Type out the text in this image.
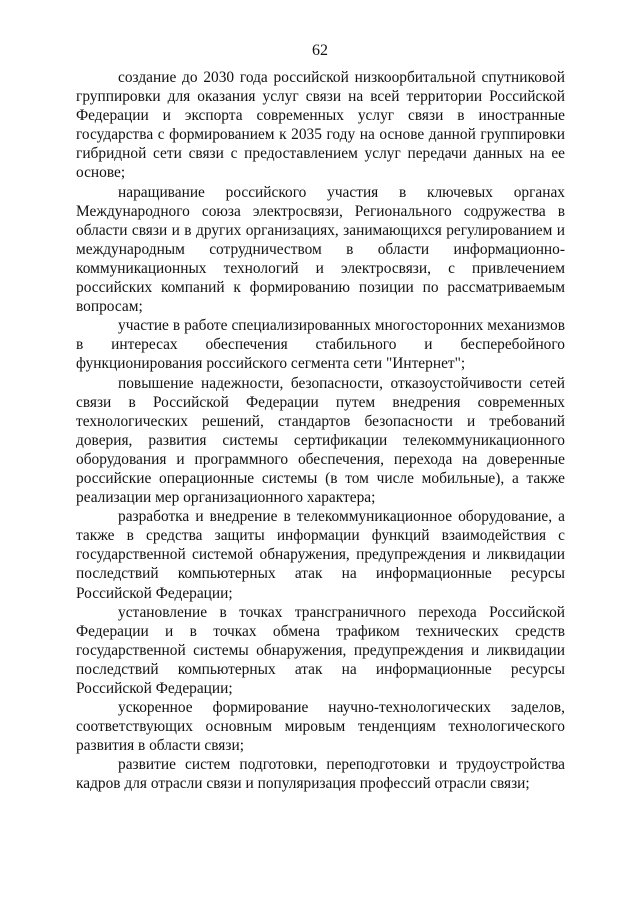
62

создание до 2030 года российской низкоорбитальной спутниковой группировки для оказания услуг связи на всей территории Российской Федерации и экспорта современных услуг связи в иностранные государства с формированием к 2035 году на основе данной группировки гибридной сети связи с предоставлением услуг передачи данных на ее основе;

наращивание российского участия в ключевых органах Международного союза электросвязи, Регионального содружества в области связи и в других организациях, занимающихся регулированием и международным сотрудничеством в области информационно-коммуникационных технологий и электросвязи, с привлечением российских компаний к формированию позиции по рассматриваемым вопросам;

участие в работе специализированных многосторонних механизмов в интересах обеспечения стабильного и бесперебойного функционирования российского сегмента сети "Интернет";

повышение надежности, безопасности, отказоустойчивости сетей связи в Российской Федерации путем внедрения современных технологических решений, стандартов безопасности и требований доверия, развития системы сертификации телекоммуникационного оборудования и программного обеспечения, перехода на доверенные российские операционные системы (в том числе мобильные), а также реализации мер организационного характера;

разработка и внедрение в телекоммуникационное оборудование, а также в средства защиты информации функций взаимодействия с государственной системой обнаружения, предупреждения и ликвидации последствий компьютерных атак на информационные ресурсы Российской Федерации;

установление в точках трансграничного перехода Российской Федерации и в точках обмена трафиком технических средств государственной системы обнаружения, предупреждения и ликвидации последствий компьютерных атак на информационные ресурсы Российской Федерации;

ускоренное формирование научно-технологических заделов, соответствующих основным мировым тенденциям технологического развития в области связи;

развитие систем подготовки, переподготовки и трудоустройства кадров для отрасли связи и популяризация профессий отрасли связи;
